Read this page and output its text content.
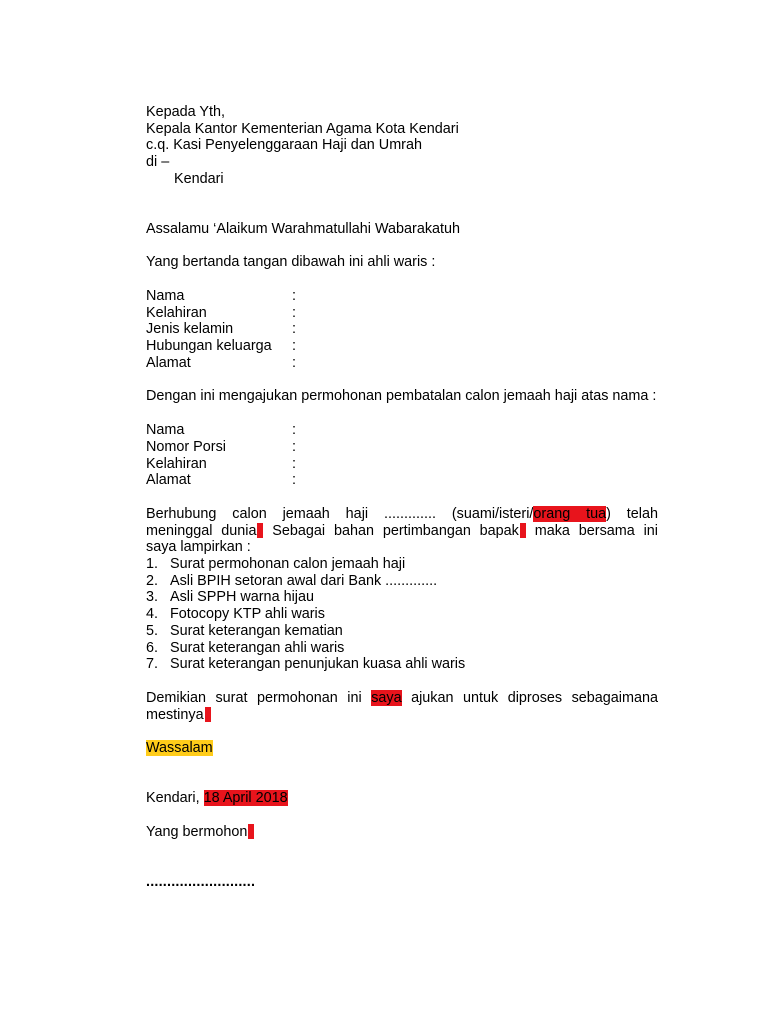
Kepada Yth,
Kepala Kantor Kementerian Agama Kota Kendari
c.q. Kasi Penyelenggaraan Haji dan Umrah
di –
Kendari
Assalamu ‘Alaikum Warahmatullahi Wabarakatuh
Yang bertanda tangan dibawah ini ahli waris :
Nama	:
Kelahiran	:
Jenis kelamin	:
Hubungan keluarga	:
Alamat	:
Dengan ini mengajukan permohonan pembatalan calon jemaah haji atas nama :
Nama	:
Nomor Porsi	:
Kelahiran	:
Alamat	:
Berhubung calon jemaah haji ............. (suami/isteri/orang tua) telah
meninggal dunia Sebagai bahan pertimbangan bapak maka bersama ini
saya lampirkan :
1. Surat permohonan calon jemaah haji
2. Asli BPIH setoran awal dari Bank .............
3. Asli SPPH warna hijau
4. Fotocopy KTP ahli waris
5. Surat keterangan kematian
6. Surat keterangan ahli waris
7. Surat keterangan penunjukan kuasa ahli waris
Demikian surat permohonan ini saya ajukan untuk diproses sebagaimana
mestinya
Wassalam
Kendari, 18 April 2018
Yang bermohon
..........................
